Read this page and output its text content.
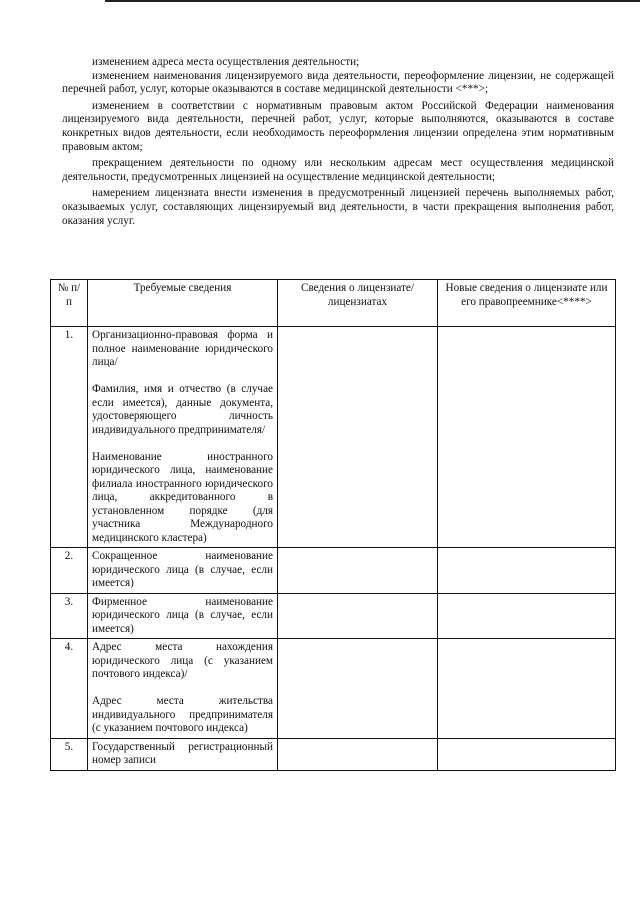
изменением адреса места осуществления деятельности;

изменением наименования лицензируемого вида деятельности, переоформление лицензии, не содержащей перечней работ, услуг, которые оказываются в составе медицинской деятельности <***>;

изменением в соответствии с нормативным правовым актом Российской Федерации наименования лицензируемого вида деятельности, перечней работ, услуг, которые выполняются, оказываются в составе конкретных видов деятельности, если необходимость переоформления лицензии определена этим нормативным правовым актом;

прекращением деятельности по одному или нескольким адресам мест осуществления медицинской деятельности, предусмотренных лицензией на осуществление медицинской деятельности;

намерением лицензиата внести изменения в предусмотренный лицензией перечень выполняемых работ, оказываемых услуг, составляющих лицензируемый вид деятельности, в части прекращения выполнения работ, оказания услуг.

№ п/п	Требуемые сведения	Сведения о лицензиате/лицензиатах	Новые сведения о лицензиате или его правопреемнике<****>
1.	Организационно-правовая форма и полное наименование юридического лица/

Фамилия, имя и отчество (в случае если имеется), данные документа, удостоверяющего личность индивидуального предпринимателя/

Наименование иностранного юридического лица, наименование филиала иностранного юридического лица, аккредитованного в установленном порядке (для участника Международного медицинского кластера)		

2.	Сокращенное наименование юридического лица (в случае, если имеется)		

3.	Фирменное наименование юридического лица (в случае, если имеется)		

4.	Адрес места нахождения юридического лица (с указанием почтового индекса)/

Адрес места жительства индивидуального предпринимателя (с указанием почтового индекса)		

5.	Государственный регистрационный номер записи		
